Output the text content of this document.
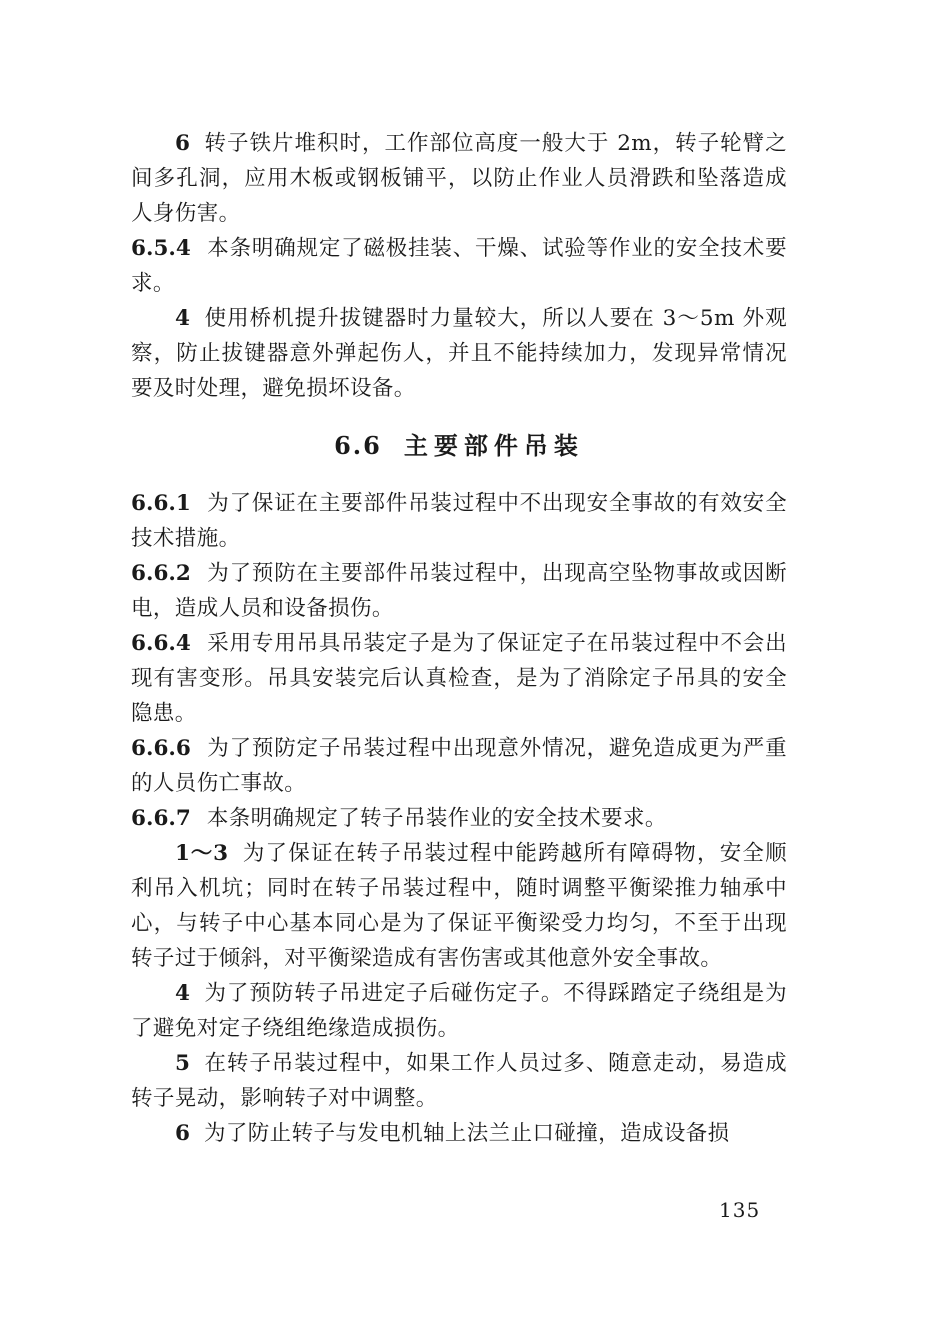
6 转子铁片堆积时，工作部位高度一般大于 2m，转子轮臂之间多孔洞，应用木板或钢板铺平，以防止作业人员滑跌和坠落造成人身伤害。

6.5.4 本条明确规定了磁极挂装、干燥、试验等作业的安全技术要求。

4 使用桥机提升拔键器时力量较大，所以人要在 3～5m 外观察，防止拔键器意外弹起伤人，并且不能持续加力，发现异常情况要及时处理，避免损坏设备。

6.6 主要部件吊装

6.6.1 为了保证在主要部件吊装过程中不出现安全事故的有效安全技术措施。

6.6.2 为了预防在主要部件吊装过程中，出现高空坠物事故或因断电，造成人员和设备损伤。

6.6.4 采用专用吊具吊装定子是为了保证定子在吊装过程中不会出现有害变形。吊具安装完后认真检查，是为了消除定子吊具的安全隐患。

6.6.6 为了预防定子吊装过程中出现意外情况，避免造成更为严重的人员伤亡事故。

6.6.7 本条明确规定了转子吊装作业的安全技术要求。

1～3 为了保证在转子吊装过程中能跨越所有障碍物，安全顺利吊入机坑；同时在转子吊装过程中，随时调整平衡梁推力轴承中心，与转子中心基本同心是为了保证平衡梁受力均匀，不至于出现转子过于倾斜，对平衡梁造成有害伤害或其他意外安全事故。

4 为了预防转子吊进定子后碰伤定子。不得踩踏定子绕组是为了避免对定子绕组绝缘造成损伤。

5 在转子吊装过程中，如果工作人员过多、随意走动，易造成转子晃动，影响转子对中调整。

6 为了防止转子与发电机轴上法兰止口碰撞，造成设备损

135
